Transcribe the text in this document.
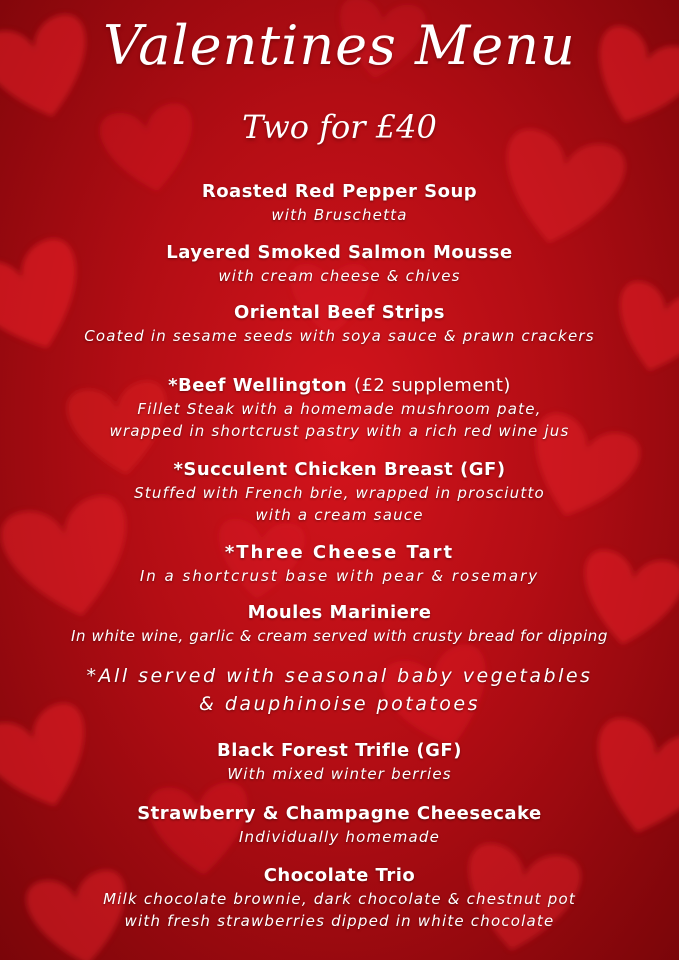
Valentines Menu
Two for £40
Roasted Red Pepper Soup
with Bruschetta
Layered Smoked Salmon Mousse
with cream cheese & chives
Oriental Beef Strips
Coated in sesame seeds with soya sauce & prawn crackers
*Beef Wellington (£2 supplement)
Fillet Steak with a homemade mushroom pate,
wrapped in shortcrust pastry with a rich red wine jus
*Succulent Chicken Breast (GF)
Stuffed with French brie, wrapped in prosciutto
with a cream sauce
*Three Cheese Tart
In a shortcrust base with pear & rosemary
Moules Mariniere
In white wine, garlic & cream served with crusty bread for dipping
*All served with seasonal baby vegetables
& dauphinoise potatoes
Black Forest Trifle (GF)
With mixed winter berries
Strawberry & Champagne Cheesecake
Individually homemade
Chocolate Trio
Milk chocolate brownie, dark chocolate & chestnut pot
with fresh strawberries dipped in white chocolate
